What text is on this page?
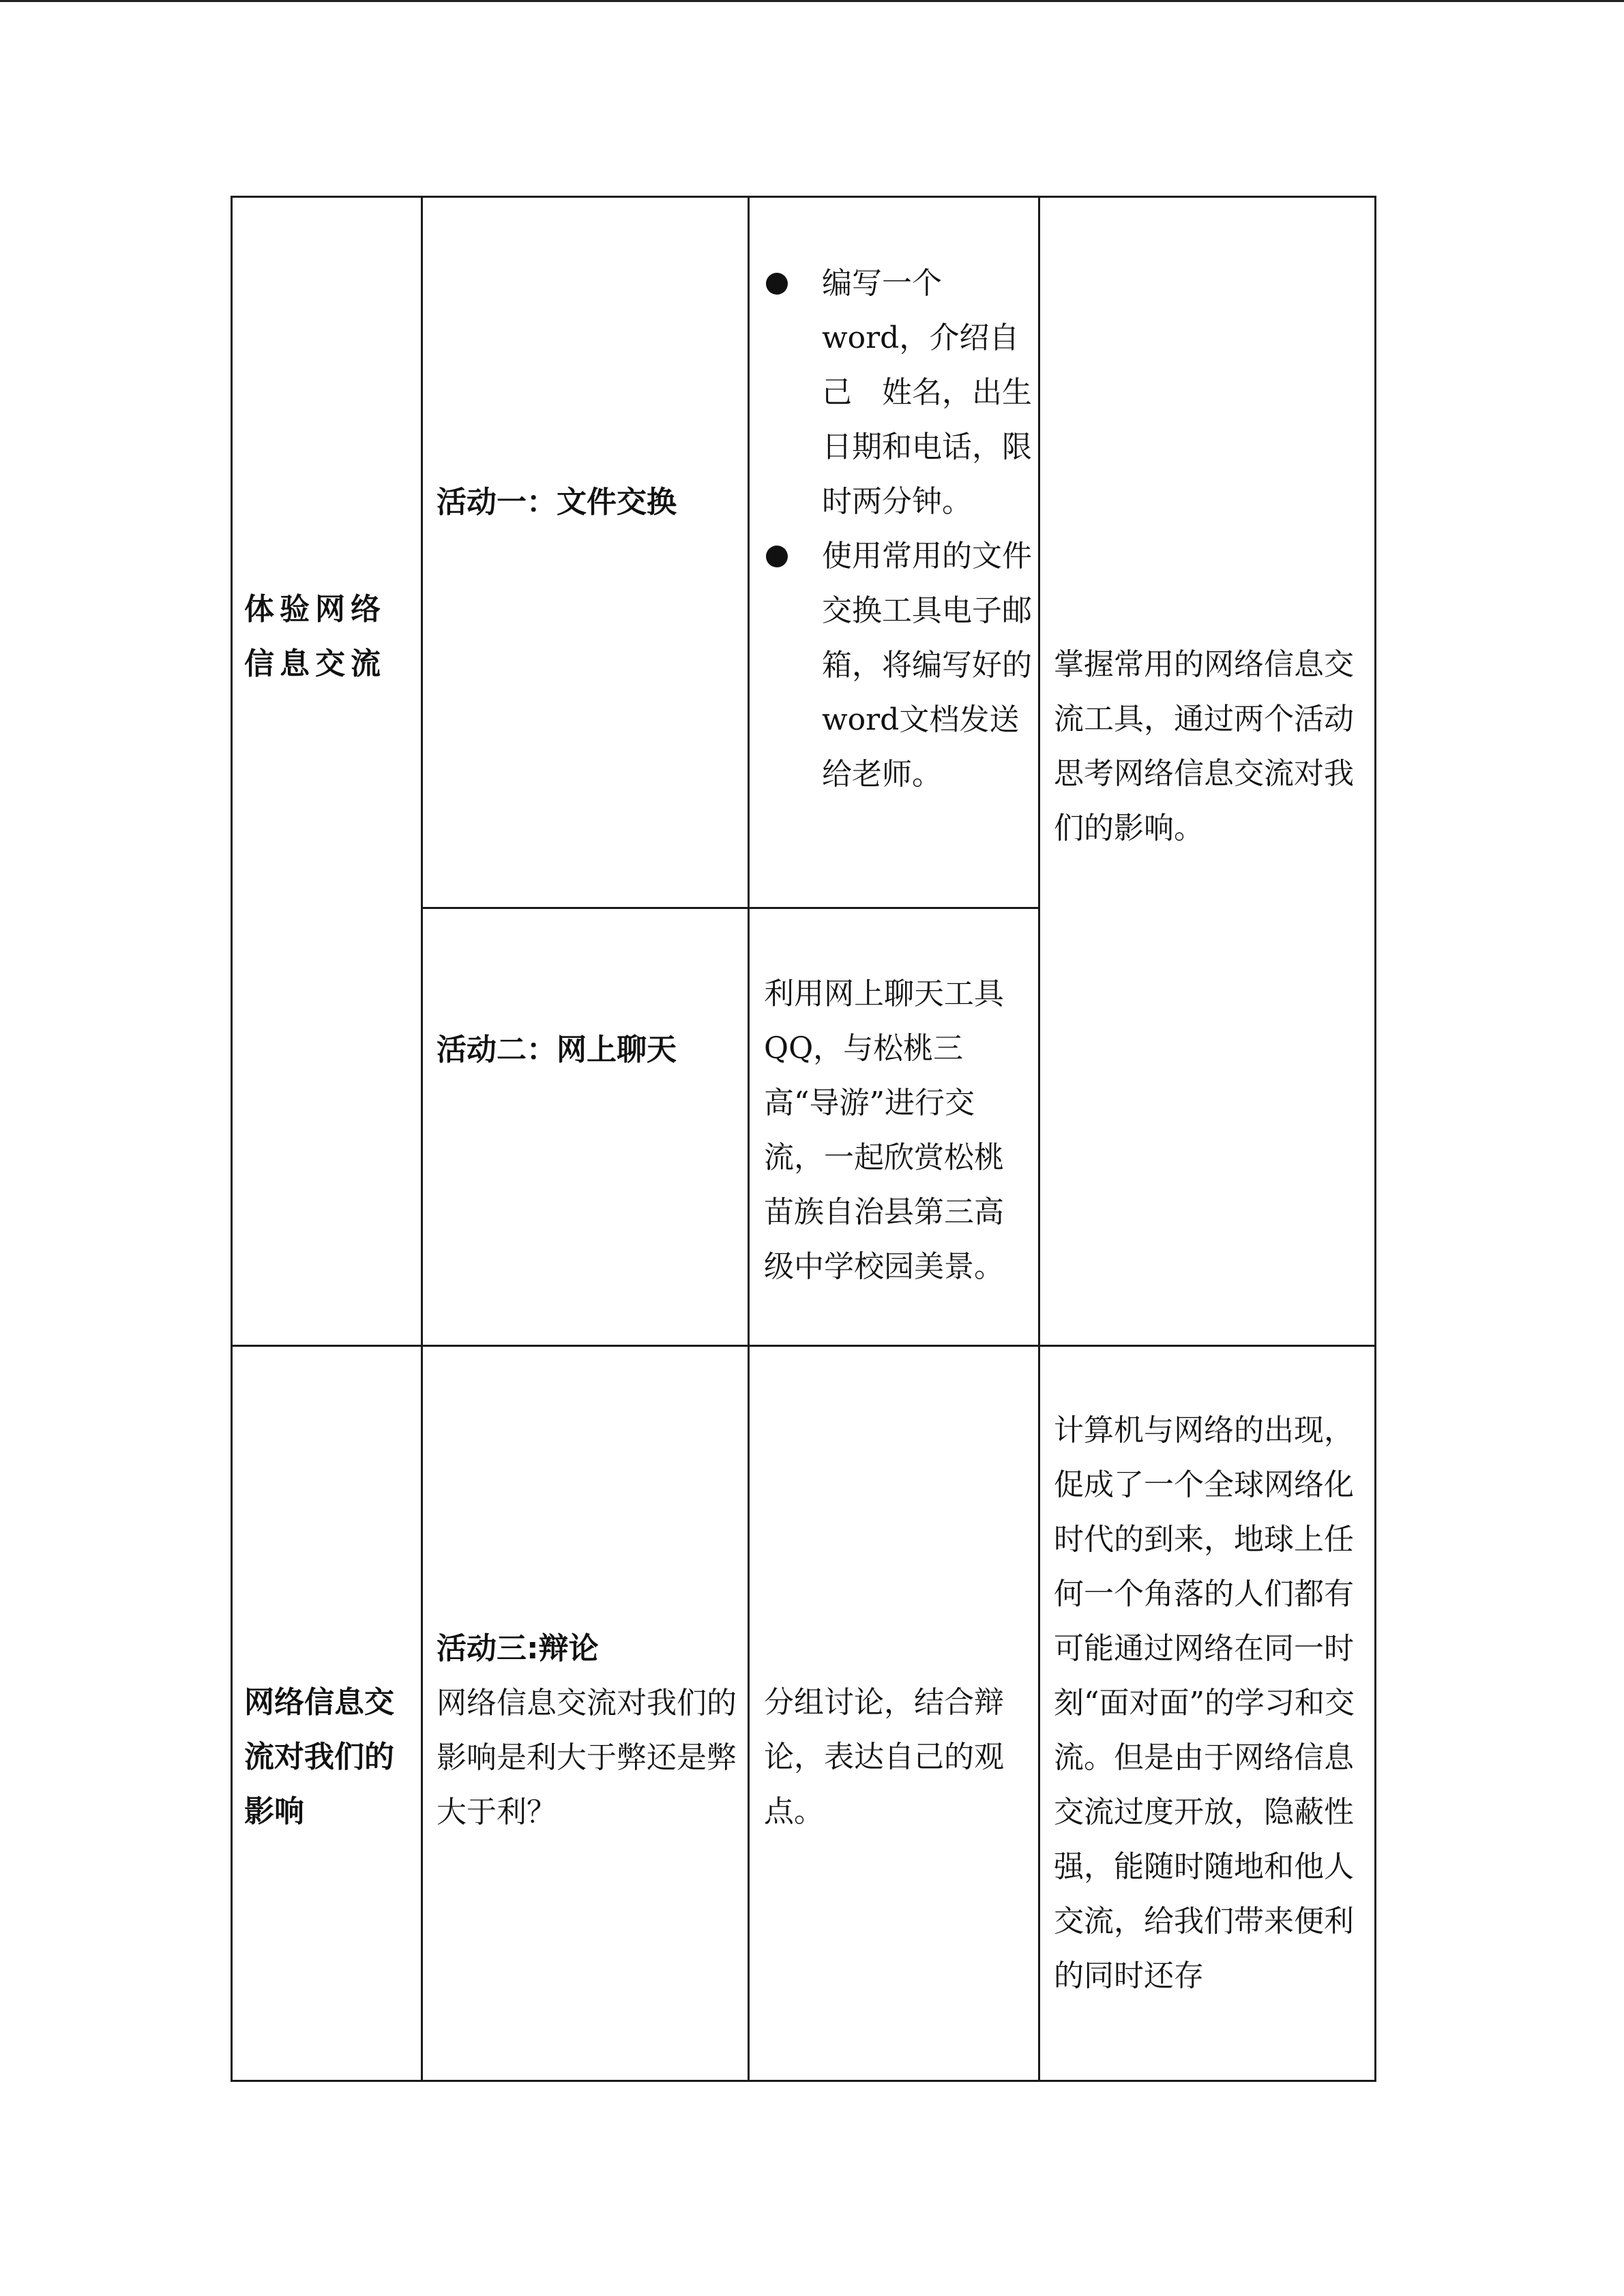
体验网络信息交流
活动一：文件交换
编写一个word，介绍自己　姓名，出生日期和电话，限时两分钟。
使用常用的文件交换工具电子邮箱，将编写好的word文档发送给老师。
活动二：网上聊天
利用网上聊天工具QQ，与松桃三高“导游”进行交流，一起欣赏松桃苗族自治县第三高级中学校园美景。
掌握常用的网络信息交流工具，通过两个活动思考网络信息交流对我们的影响。
网络信息交流对我们的影响
活动三:辩论
网络信息交流对我们的影响是利大于弊还是弊大于利？
分组讨论，结合辩论，表达自己的观点。
计算机与网络的出现，促成了一个全球网络化时代的到来，地球上任何一个角落的人们都有可能通过网络在同一时刻“面对面”的学习和交流。但是由于网络信息交流过度开放，隐蔽性强，能随时随地和他人交流，给我们带来便利的同时还存
